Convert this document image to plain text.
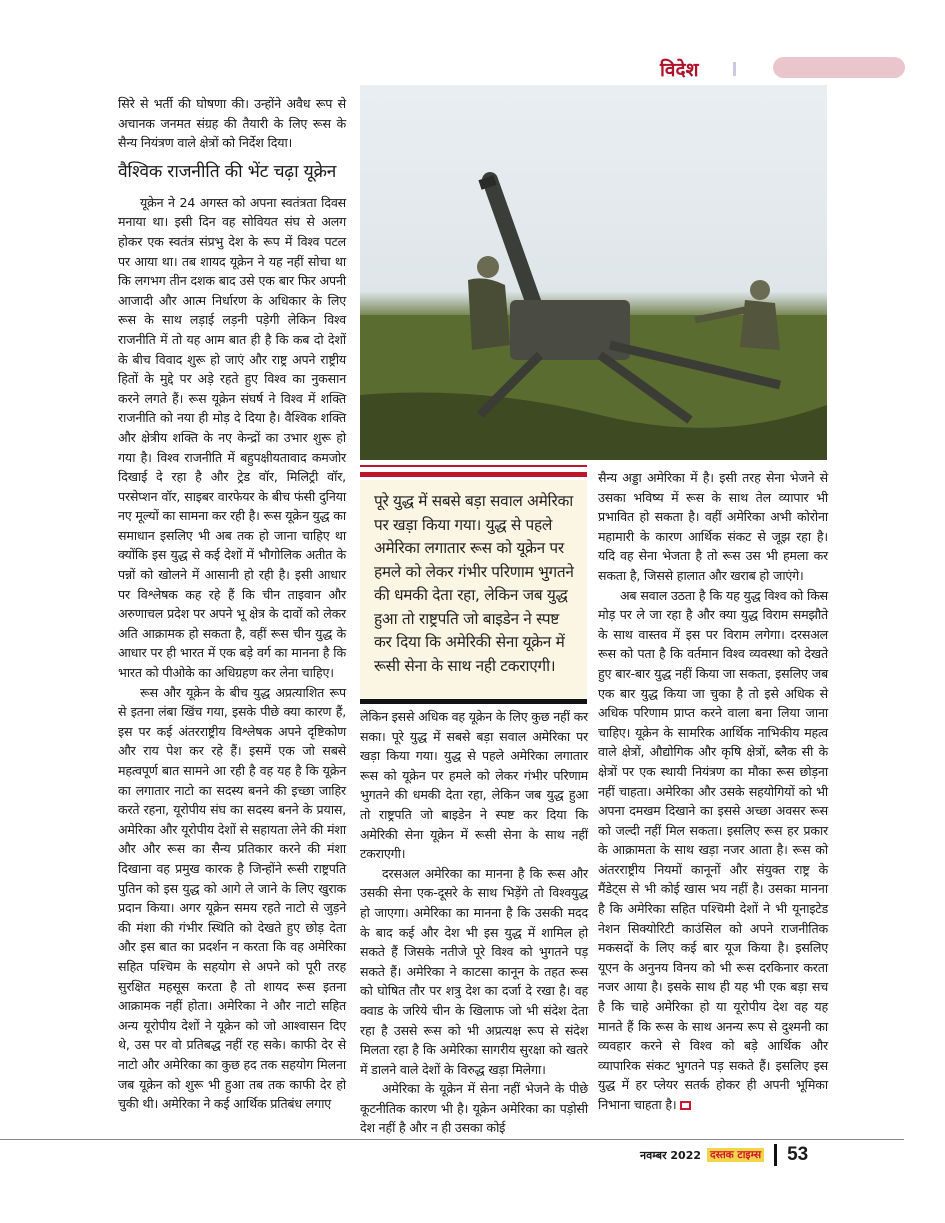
विदेश

सिरे से भर्ती की घोषणा की। उन्होंने अवैध रूप से अचानक जनमत संग्रह की तैयारी के लिए रूस के सैन्य नियंत्रण वाले क्षेत्रों को निर्देश दिया।

वैश्विक राजनीति की भेंट चढ़ा यूक्रेन

यूक्रेन ने 24 अगस्त को अपना स्वतंत्रता दिवस मनाया था। इसी दिन वह सोवियत संघ से अलग होकर एक स्वतंत्र संप्रभु देश के रूप में विश्व पटल पर आया था। तब शायद यूक्रेन ने यह नहीं सोचा था कि लगभग तीन दशक बाद उसे एक बार फिर अपनी आजादी और आत्म निर्धारण के अधिकार के लिए रूस के साथ लड़ाई लड़नी पड़ेगी लेकिन विश्व राजनीति में तो यह आम बात ही है कि कब दो देशों के बीच विवाद शुरू हो जाएं और राष्ट्र अपने राष्ट्रीय हितों के मुद्दे पर अड़े रहते हुए विश्व का नुकसान करने लगते हैं। रूस यूक्रेन संघर्ष ने विश्व में शक्ति राजनीति को नया ही मोड़ दे दिया है। वैश्विक शक्ति और क्षेत्रीय शक्ति के नए केन्द्रों का उभार शुरू हो गया है। विश्व राजनीति में बहुपक्षीयतावाद कमजोर दिखाई दे रहा है और ट्रेड वॉर, मिलिट्री वॉर, परसेप्शन वॉर, साइबर वारफेयर के बीच फंसी दुनिया नए मूल्यों का सामना कर रही है। रूस यूक्रेन युद्ध का समाधान इसलिए भी अब तक हो जाना चाहिए था क्योंकि इस युद्ध से कई देशों में भौगोलिक अतीत के पन्नों को खोलने में आसानी हो रही है। इसी आधार पर विश्लेषक कह रहे हैं कि चीन ताइवान और अरुणाचल प्रदेश पर अपने भू क्षेत्र के दावों को लेकर अति आक्रामक हो सकता है, वहीं रूस चीन युद्ध के आधार पर ही भारत में एक बड़े वर्ग का मानना है कि भारत को पीओके का अधिग्रहण कर लेना चाहिए।

रूस और यूक्रेन के बीच युद्ध अप्रत्याशित रूप से इतना लंबा खिंच गया, इसके पीछे क्या कारण हैं, इस पर कई अंतरराष्ट्रीय विश्लेषक अपने दृष्टिकोण और राय पेश कर रहे हैं। इसमें एक जो सबसे महत्वपूर्ण बात सामने आ रही है वह यह है कि यूक्रेन का लगातार नाटो का सदस्य बनने की इच्छा जाहिर करते रहना, यूरोपीय संघ का सदस्य बनने के प्रयास, अमेरिका और यूरोपीय देशों से सहायता लेने की मंशा और और रूस का सैन्य प्रतिकार करने की मंशा दिखाना वह प्रमुख कारक है जिन्होंने रूसी राष्ट्रपति पुतिन को इस युद्ध को आगे ले जाने के लिए खुराक प्रदान किया। अगर यूक्रेन समय रहते नाटो से जुड़ने की मंशा की गंभीर स्थिति को देखते हुए छोड़ देता और इस बात का प्रदर्शन न करता कि वह अमेरिका सहित पश्चिम के सहयोग से अपने को पूरी तरह सुरक्षित महसूस करता है तो शायद रूस इतना आक्रामक नहीं होता। अमेरिका ने और नाटो सहित अन्य यूरोपीय देशों ने यूक्रेन को जो आश्वासन दिए थे, उस पर वो प्रतिबद्ध नहीं रह सके। काफी देर से नाटो और अमेरिका का कुछ हद तक सहयोग मिलना जब यूक्रेन को शुरू भी हुआ तब तक काफी देर हो चुकी थी। अमेरिका ने कई आर्थिक प्रतिबंध लगाए

पूरे युद्ध में सबसे बड़ा सवाल अमेरिका पर खड़ा किया गया। युद्ध से पहले अमेरिका लगातार रूस को यूक्रेन पर हमले को लेकर गंभीर परिणाम भुगतने की धमकी देता रहा, लेकिन जब युद्ध हुआ तो राष्ट्रपति जो बाइडेन ने स्पष्ट कर दिया कि अमेरिकी सेना यूक्रेन में रूसी सेना के साथ नही टकराएगी।

लेकिन इससे अधिक वह यूक्रेन के लिए कुछ नहीं कर सका। पूरे युद्ध में सबसे बड़ा सवाल अमेरिका पर खड़ा किया गया। युद्ध से पहले अमेरिका लगातार रूस को यूक्रेन पर हमले को लेकर गंभीर परिणाम भुगतने की धमकी देता रहा, लेकिन जब युद्ध हुआ तो राष्ट्रपति जो बाइडेन ने स्पष्ट कर दिया कि अमेरिकी सेना यूक्रेन में रूसी सेना के साथ नहीं टकराएगी।

दरसअल अमेरिका का मानना है कि रूस और उसकी सेना एक-दूसरे के साथ भिड़ेंगे तो विश्वयुद्ध हो जाएगा। अमेरिका का मानना है कि उसकी मदद के बाद कई और देश भी इस युद्ध में शामिल हो सकते हैं जिसके नतीजे पूरे विश्व को भुगतने पड़ सकते हैं। अमेरिका ने काटसा कानून के तहत रूस को घोषित तौर पर शत्रु देश का दर्जा दे रखा है। वह क्वाड के जरिये चीन के खिलाफ जो भी संदेश देता रहा है उससे रूस को भी अप्रत्यक्ष रूप से संदेश मिलता रहा है कि अमेरिका सागरीय सुरक्षा को खतरे में डालने वाले देशों के विरुद्ध खड़ा मिलेगा।

अमेरिका के यूक्रेन में सेना नहीं भेजने के पीछे कूटनीतिक कारण भी है। यूक्रेन अमेरिका का पड़ोसी देश नहीं है और न ही उसका कोई

सैन्य अड्डा अमेरिका में है। इसी तरह सेना भेजने से उसका भविष्य में रूस के साथ तेल व्यापार भी प्रभावित हो सकता है। वहीं अमेरिका अभी कोरोना महामारी के कारण आर्थिक संकट से जूझ रहा है। यदि वह सेना भेजता है तो रूस उस भी हमला कर सकता है, जिससे हालात और खराब हो जाएंगे।

अब सवाल उठता है कि यह युद्ध विश्व को किस मोड़ पर ले जा रहा है और क्या युद्ध विराम समझौते के साथ वास्तव में इस पर विराम लगेगा। दरसअल रूस को पता है कि वर्तमान विश्व व्यवस्था को देखते हुए बार-बार युद्ध नहीं किया जा सकता, इसलिए जब एक बार युद्ध किया जा चुका है तो इसे अधिक से अधिक परिणाम प्राप्त करने वाला बना लिया जाना चाहिए। यूक्रेन के सामरिक आर्थिक नाभिकीय महत्व वाले क्षेत्रों, औद्योगिक और कृषि क्षेत्रों, ब्लैक सी के क्षेत्रों पर एक स्थायी नियंत्रण का मौका रूस छोड़ना नहीं चाहता। अमेरिका और उसके सहयोगियों को भी अपना दमखम दिखाने का इससे अच्छा अवसर रूस को जल्दी नहीं मिल सकता। इसलिए रूस हर प्रकार के आक्रामता के साथ खड़ा नजर आता है। रूस को अंतरराष्ट्रीय नियमों कानूनों और संयुक्त राष्ट्र के मैंडेट्स से भी कोई खास भय नहीं है। उसका मानना है कि अमेरिका सहित पश्चिमी देशों ने भी यूनाइटेड नेशन सिक्योरिटी काउंसिल को अपने राजनीतिक मकसदों के लिए कई बार यूज किया है। इसलिए यूएन के अनुनय विनय को भी रूस दरकिनार करता नजर आया है। इसके साथ ही यह भी एक बड़ा सच है कि चाहे अमेरिका हो या यूरोपीय देश वह यह मानते हैं कि रूस के साथ अनन्य रूप से दुश्मनी का व्यवहार करने से विश्व को बड़े आर्थिक और व्यापारिक संकट भुगतने पड़ सकते हैं। इसलिए इस युद्ध में हर प्लेयर सतर्क होकर ही अपनी भूमिका निभाना चाहता है।

नवम्बर 2022 दस्तक टाइम्स 53
